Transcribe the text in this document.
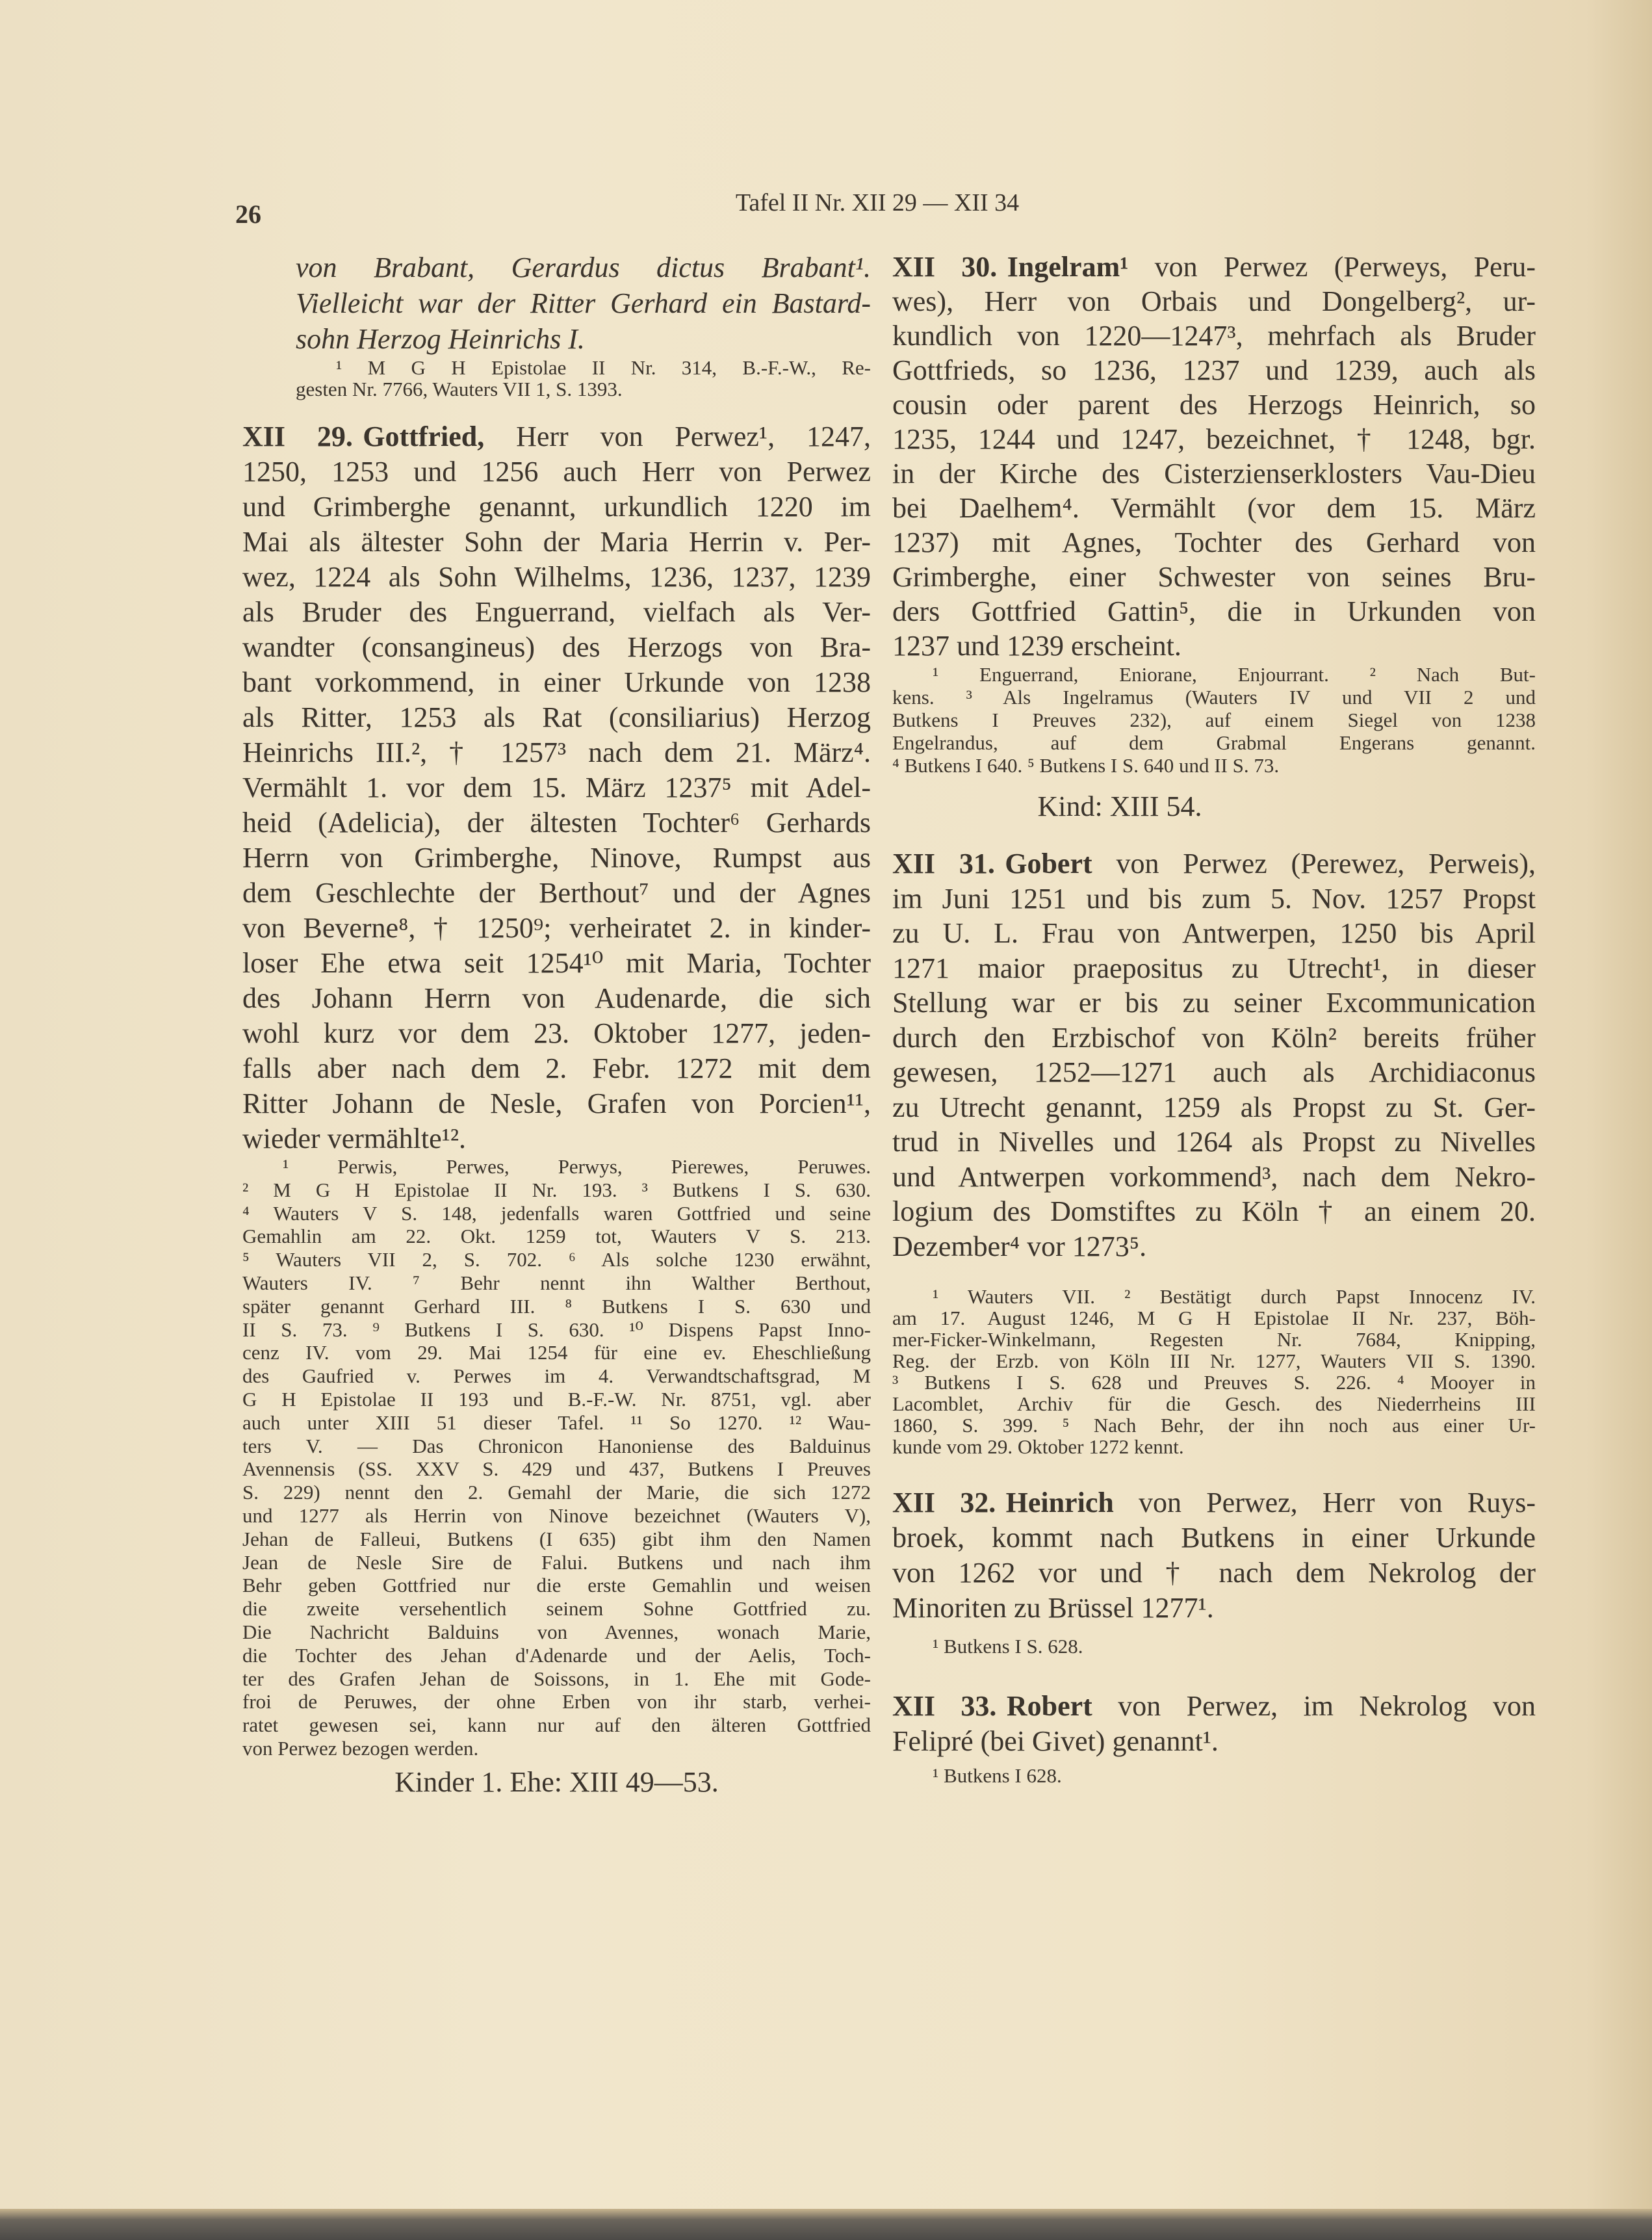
26	Tafel II Nr. XII 29 — XII 34
von Brabant, Gerardus dictus Brabant¹.
Vielleicht war der Ritter Gerhard ein Bastard-
sohn Herzog Heinrichs I.
¹ M G H Epistolae II Nr. 314, B.-F.-W., Re-
gesten Nr. 7766, Wauters VII 1, S. 1393.
XII 29. Gottfried, Herr von Perwez¹, 1247,
1250, 1253 und 1256 auch Herr von Perwez
und Grimberghe genannt, urkundlich 1220 im
Mai als ältester Sohn der Maria Herrin v. Per-
wez, 1224 als Sohn Wilhelms, 1236, 1237, 1239
als Bruder des Enguerrand, vielfach als Ver-
wandter (consangineus) des Herzogs von Bra-
bant vorkommend, in einer Urkunde von 1238
als Ritter, 1253 als Rat (consiliarius) Herzog
Heinrichs III.², † 1257³ nach dem 21. März⁴.
Vermählt 1. vor dem 15. März 1237⁵ mit Adel-
heid (Adelicia), der ältesten Tochter⁶ Gerhards
Herrn von Grimberghe, Ninove, Rumpst aus
dem Geschlechte der Berthout⁷ und der Agnes
von Beverne⁸, † 1250⁹; verheiratet 2. in kinder-
loser Ehe etwa seit 1254¹⁰ mit Maria, Tochter
des Johann Herrn von Audenarde, die sich
wohl kurz vor dem 23. Oktober 1277, jeden-
falls aber nach dem 2. Febr. 1272 mit dem
Ritter Johann de Nesle, Grafen von Porcien¹¹,
wieder vermählte¹².
¹ Perwis, Perwes, Perwys, Pierewes, Peruwes.
² M G H Epistolae II Nr. 193. ³ Butkens I S. 630.
⁴ Wauters V S. 148, jedenfalls waren Gottfried und seine
Gemahlin am 22. Okt. 1259 tot, Wauters V S. 213.
⁵ Wauters VII 2, S. 702. ⁶ Als solche 1230 erwähnt,
Wauters IV. ⁷ Behr nennt ihn Walther Berthout,
später genannt Gerhard III. ⁸ Butkens I S. 630 und
II S. 73. ⁹ Butkens I S. 630. ¹⁰ Dispens Papst Inno-
cenz IV. vom 29. Mai 1254 für eine ev. Eheschließung
des Gaufried v. Perwes im 4. Verwandtschaftsgrad, M
G H Epistolae II 193 und B.-F.-W. Nr. 8751, vgl. aber
auch unter XIII 51 dieser Tafel. ¹¹ So 1270. ¹² Wau-
ters V. — Das Chronicon Hanoniense des Balduinus
Avennensis (SS. XXV S. 429 und 437, Butkens I Preuves
S. 229) nennt den 2. Gemahl der Marie, die sich 1272
und 1277 als Herrin von Ninove bezeichnet (Wauters V),
Jehan de Falleui, Butkens (I 635) gibt ihm den Namen
Jean de Nesle Sire de Falui. Butkens und nach ihm
Behr geben Gottfried nur die erste Gemahlin und weisen
die zweite versehentlich seinem Sohne Gottfried zu.
Die Nachricht Balduins von Avennes, wonach Marie,
die Tochter des Jehan d'Adenarde und der Aelis, Toch-
ter des Grafen Jehan de Soissons, in 1. Ehe mit Gode-
froi de Peruwes, der ohne Erben von ihr starb, verhei-
ratet gewesen sei, kann nur auf den älteren Gottfried
von Perwez bezogen werden.
Kinder 1. Ehe: XIII 49—53.
XII 30. Ingelram¹ von Perwez (Perweys, Peru-
wes), Herr von Orbais und Dongelberg², ur-
kundlich von 1220—1247³, mehrfach als Bruder
Gottfrieds, so 1236, 1237 und 1239, auch als
cousin oder parent des Herzogs Heinrich, so
1235, 1244 und 1247, bezeichnet, † 1248, bgr.
in der Kirche des Cisterzienserklosters Vau-Dieu
bei Daelhem⁴. Vermählt (vor dem 15. März
1237) mit Agnes, Tochter des Gerhard von
Grimberghe, einer Schwester von seines Bru-
ders Gottfried Gattin⁵, die in Urkunden von
1237 und 1239 erscheint.
¹ Enguerrand, Eniorane, Enjourrant. ² Nach But-
kens. ³ Als Ingelramus (Wauters IV und VII 2 und
Butkens I Preuves 232), auf einem Siegel von 1238
Engelrandus, auf dem Grabmal Engerans genannt.
⁴ Butkens I 640. ⁵ Butkens I S. 640 und II S. 73.
Kind: XIII 54.
XII 31. Gobert von Perwez (Perewez, Perweis),
im Juni 1251 und bis zum 5. Nov. 1257 Propst
zu U. L. Frau von Antwerpen, 1250 bis April
1271 maior praepositus zu Utrecht¹, in dieser
Stellung war er bis zu seiner Excommunication
durch den Erzbischof von Köln² bereits früher
gewesen, 1252—1271 auch als Archidiaconus
zu Utrecht genannt, 1259 als Propst zu St. Ger-
trud in Nivelles und 1264 als Propst zu Nivelles
und Antwerpen vorkommend³, nach dem Nekro-
logium des Domstiftes zu Köln † an einem 20.
Dezember⁴ vor 1273⁵.
¹ Wauters VII. ² Bestätigt durch Papst Innocenz IV.
am 17. August 1246, M G H Epistolae II Nr. 237, Böh-
mer-Ficker-Winkelmann, Regesten Nr. 7684, Knipping,
Reg. der Erzb. von Köln III Nr. 1277, Wauters VII S. 1390.
³ Butkens I S. 628 und Preuves S. 226. ⁴ Mooyer in
Lacomblet, Archiv für die Gesch. des Niederrheins III
1860, S. 399. ⁵ Nach Behr, der ihn noch aus einer Ur-
kunde vom 29. Oktober 1272 kennt.
XII 32. Heinrich von Perwez, Herr von Ruys-
broek, kommt nach Butkens in einer Urkunde
von 1262 vor und † nach dem Nekrolog der
Minoriten zu Brüssel 1277¹.
¹ Butkens I S. 628.
XII 33. Robert von Perwez, im Nekrolog von
Felipré (bei Givet) genannt¹.
¹ Butkens I 628.
